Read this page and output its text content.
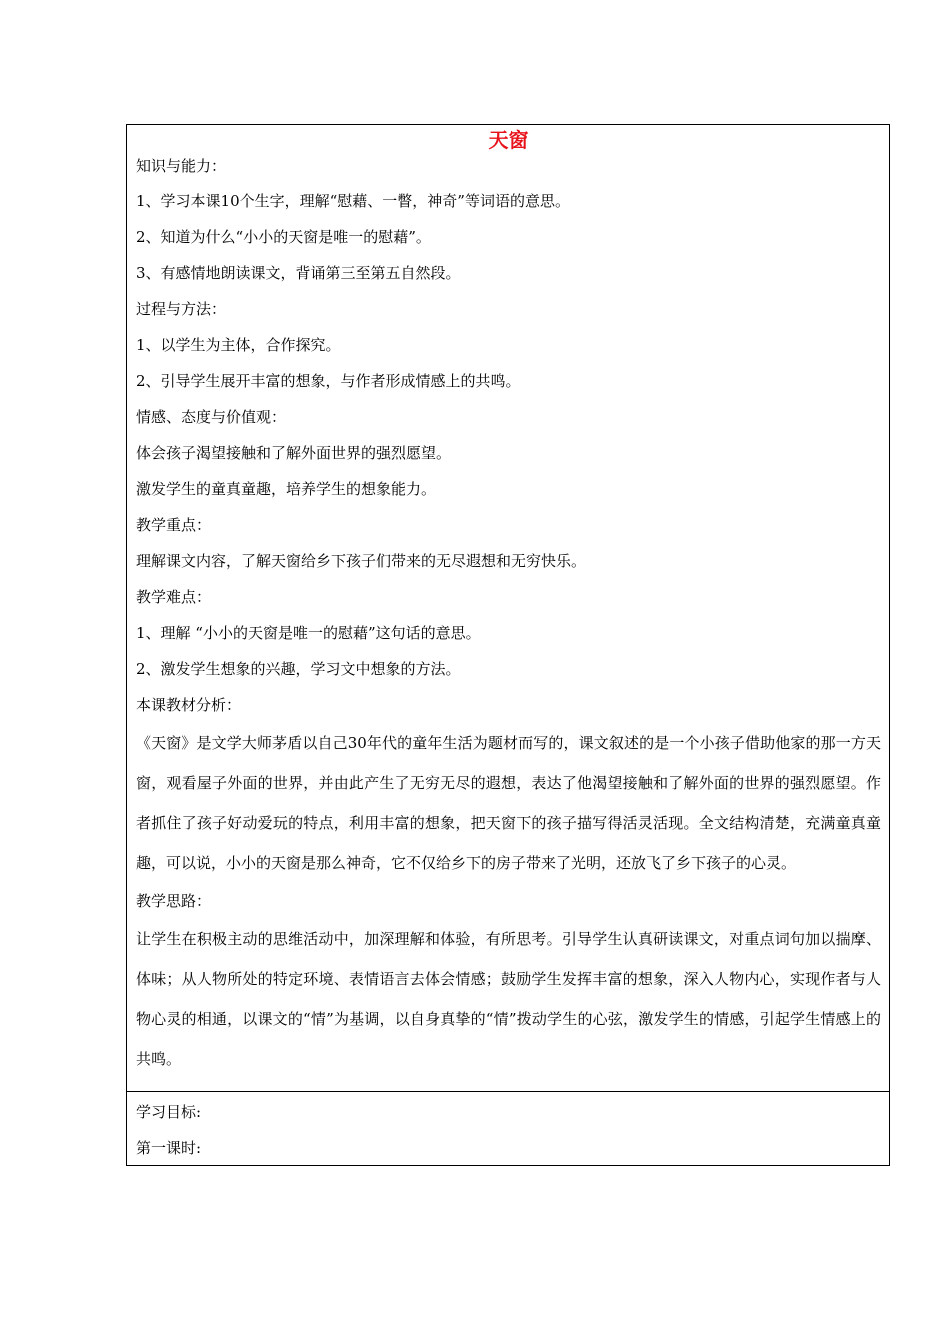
天窗
知识与能力：
1、学习本课10个生字，理解“慰藉、一瞥，神奇”等词语的意思。
2、知道为什么“小小的天窗是唯一的慰藉”。
3、有感情地朗读课文，背诵第三至第五自然段。
过程与方法：
1、以学生为主体，合作探究。
2、引导学生展开丰富的想象，与作者形成情感上的共鸣。
情感、态度与价值观：
体会孩子渴望接触和了解外面世界的强烈愿望。
激发学生的童真童趣，培养学生的想象能力。
教学重点：
理解课文内容，了解天窗给乡下孩子们带来的无尽遐想和无穷快乐。
教学难点：
1、理解 “小小的天窗是唯一的慰藉”这句话的意思。
2、激发学生想象的兴趣，学习文中想象的方法。
本课教材分析：
《天窗》是文学大师茅盾以自己30年代的童年生活为题材而写的，课文叙述的是一个小孩子借助他家的那一方天窗，观看屋子外面的世界，并由此产生了无穷无尽的遐想，表达了他渴望接触和了解外面的世界的强烈愿望。作者抓住了孩子好动爱玩的特点，利用丰富的想象，把天窗下的孩子描写得活灵活现。全文结构清楚，充满童真童趣，可以说，小小的天窗是那么神奇，它不仅给乡下的房子带来了光明，还放飞了乡下孩子的心灵。
教学思路：
让学生在积极主动的思维活动中，加深理解和体验，有所思考。引导学生认真研读课文，对重点词句加以揣摩、体味；从人物所处的特定环境、表情语言去体会情感；鼓励学生发挥丰富的想象，深入人物内心，实现作者与人物心灵的相通，以课文的“情”为基调，以自身真挚的“情”拨动学生的心弦，激发学生的情感，引起学生情感上的共鸣。
学习目标:
第一课时:
